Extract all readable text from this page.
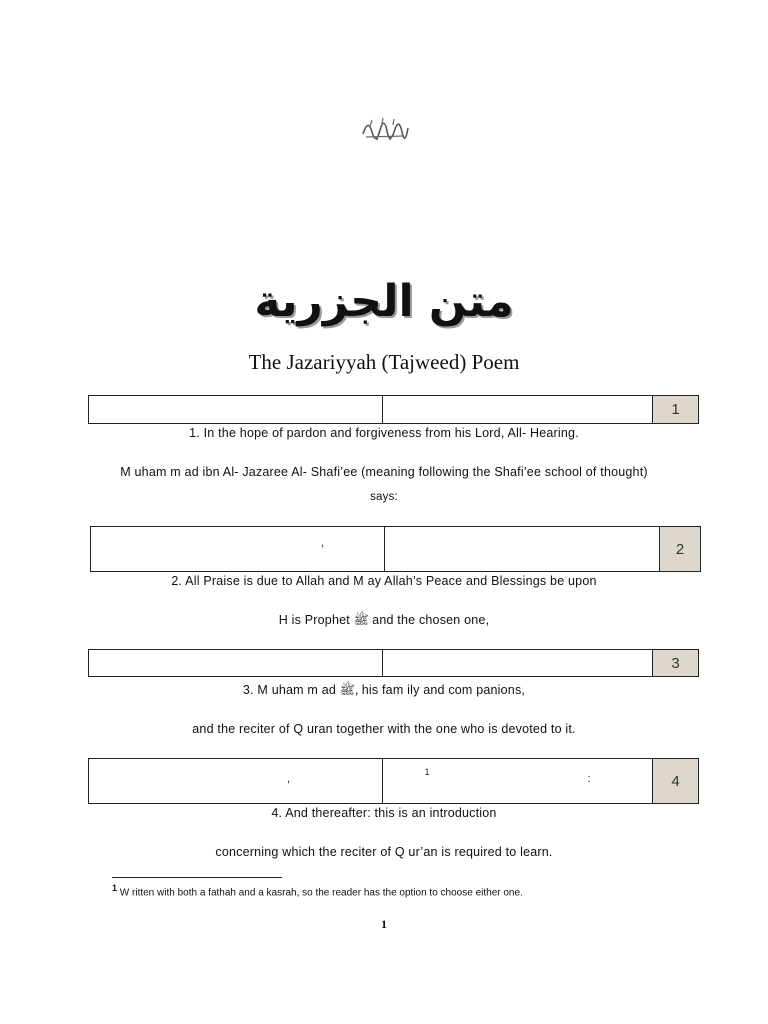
متن الجزرية
The Jazariyyah (Tajweed) Poem
1
1. In the hope of pardon and forgiveness from his Lord, All- Hearing.
M uham m ad ibn Al- Jazaree Al- Shafi’ee (meaning following the Shafi’ee school of thought)
says:
,	2
2. All Praise is due to Allah and M ay Allah’s Peace and Blessings be upon
H is Prophet ﷺ and the chosen one,
3
3. M uham m ad ﷺ, his fam ily and com panions,
and the reciter of Q uran together with the one who is devoted to it.
,
1
:	4
4. And thereafter: this is an introduction
concerning which the reciter of Q ur’an is required to learn.
$^1$ W ritten with both a fathah and a kasrah, so the reader has the option to choose either one.
1
